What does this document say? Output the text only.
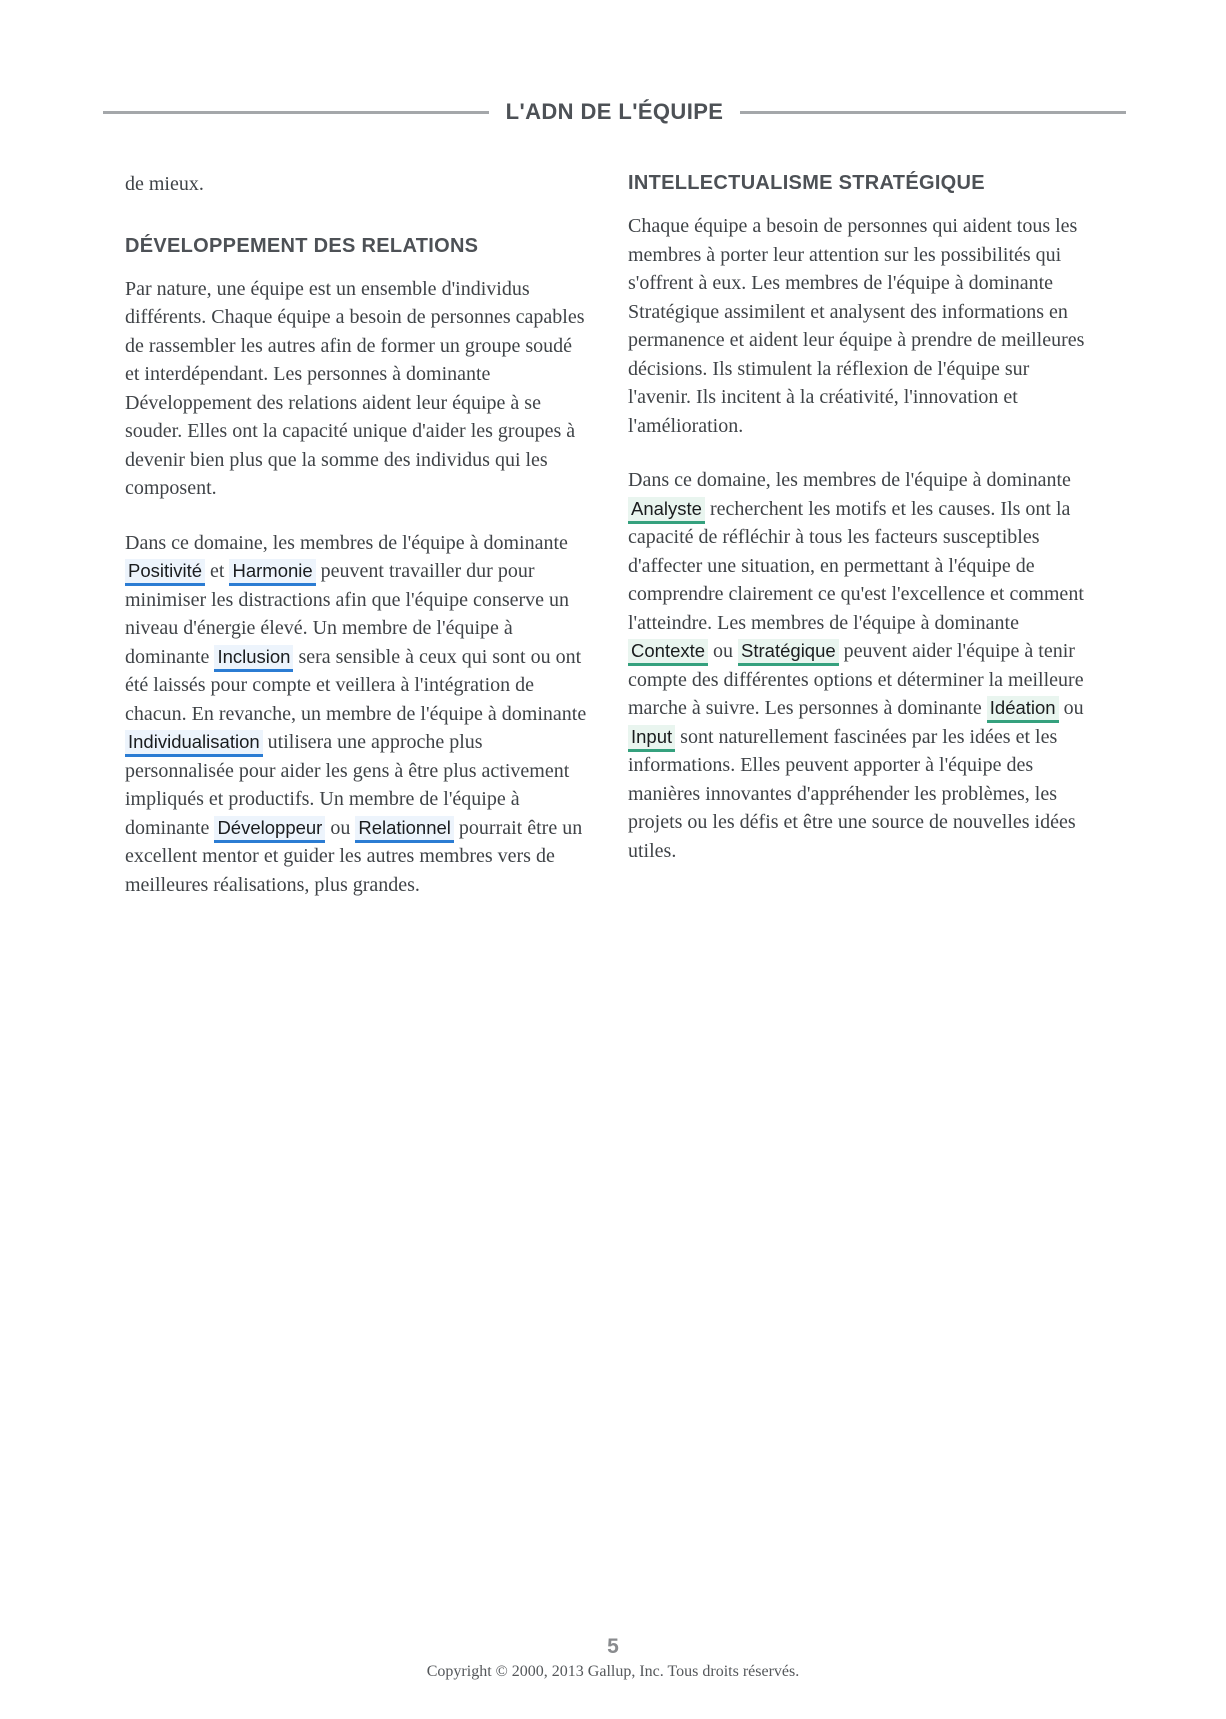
L'ADN DE L'ÉQUIPE

de mieux.

DÉVELOPPEMENT DES RELATIONS

Par nature, une équipe est un ensemble d'individus différents. Chaque équipe a besoin de personnes capables de rassembler les autres afin de former un groupe soudé et interdépendant. Les personnes à dominante Développement des relations aident leur équipe à se souder. Elles ont la capacité unique d'aider les groupes à devenir bien plus que la somme des individus qui les composent.

Dans ce domaine, les membres de l'équipe à dominante Positivité et Harmonie peuvent travailler dur pour minimiser les distractions afin que l'équipe conserve un niveau d'énergie élevé. Un membre de l'équipe à dominante Inclusion sera sensible à ceux qui sont ou ont été laissés pour compte et veillera à l'intégration de chacun. En revanche, un membre de l'équipe à dominante Individualisation utilisera une approche plus personnalisée pour aider les gens à être plus activement impliqués et productifs. Un membre de l'équipe à dominante Développeur ou Relationnel pourrait être un excellent mentor et guider les autres membres vers de meilleures réalisations, plus grandes.

INTELLECTUALISME STRATÉGIQUE

Chaque équipe a besoin de personnes qui aident tous les membres à porter leur attention sur les possibilités qui s'offrent à eux. Les membres de l'équipe à dominante Stratégique assimilent et analysent des informations en permanence et aident leur équipe à prendre de meilleures décisions. Ils stimulent la réflexion de l'équipe sur l'avenir. Ils incitent à la créativité, l'innovation et l'amélioration.

Dans ce domaine, les membres de l'équipe à dominante Analyste recherchent les motifs et les causes. Ils ont la capacité de réfléchir à tous les facteurs susceptibles d'affecter une situation, en permettant à l'équipe de comprendre clairement ce qu'est l'excellence et comment l'atteindre. Les membres de l'équipe à dominante Contexte ou Stratégique peuvent aider l'équipe à tenir compte des différentes options et déterminer la meilleure marche à suivre. Les personnes à dominante Idéation ou Input sont naturellement fascinées par les idées et les informations. Elles peuvent apporter à l'équipe des manières innovantes d'appréhender les problèmes, les projets ou les défis et être une source de nouvelles idées utiles.

5
Copyright © 2000, 2013 Gallup, Inc. Tous droits réservés.
